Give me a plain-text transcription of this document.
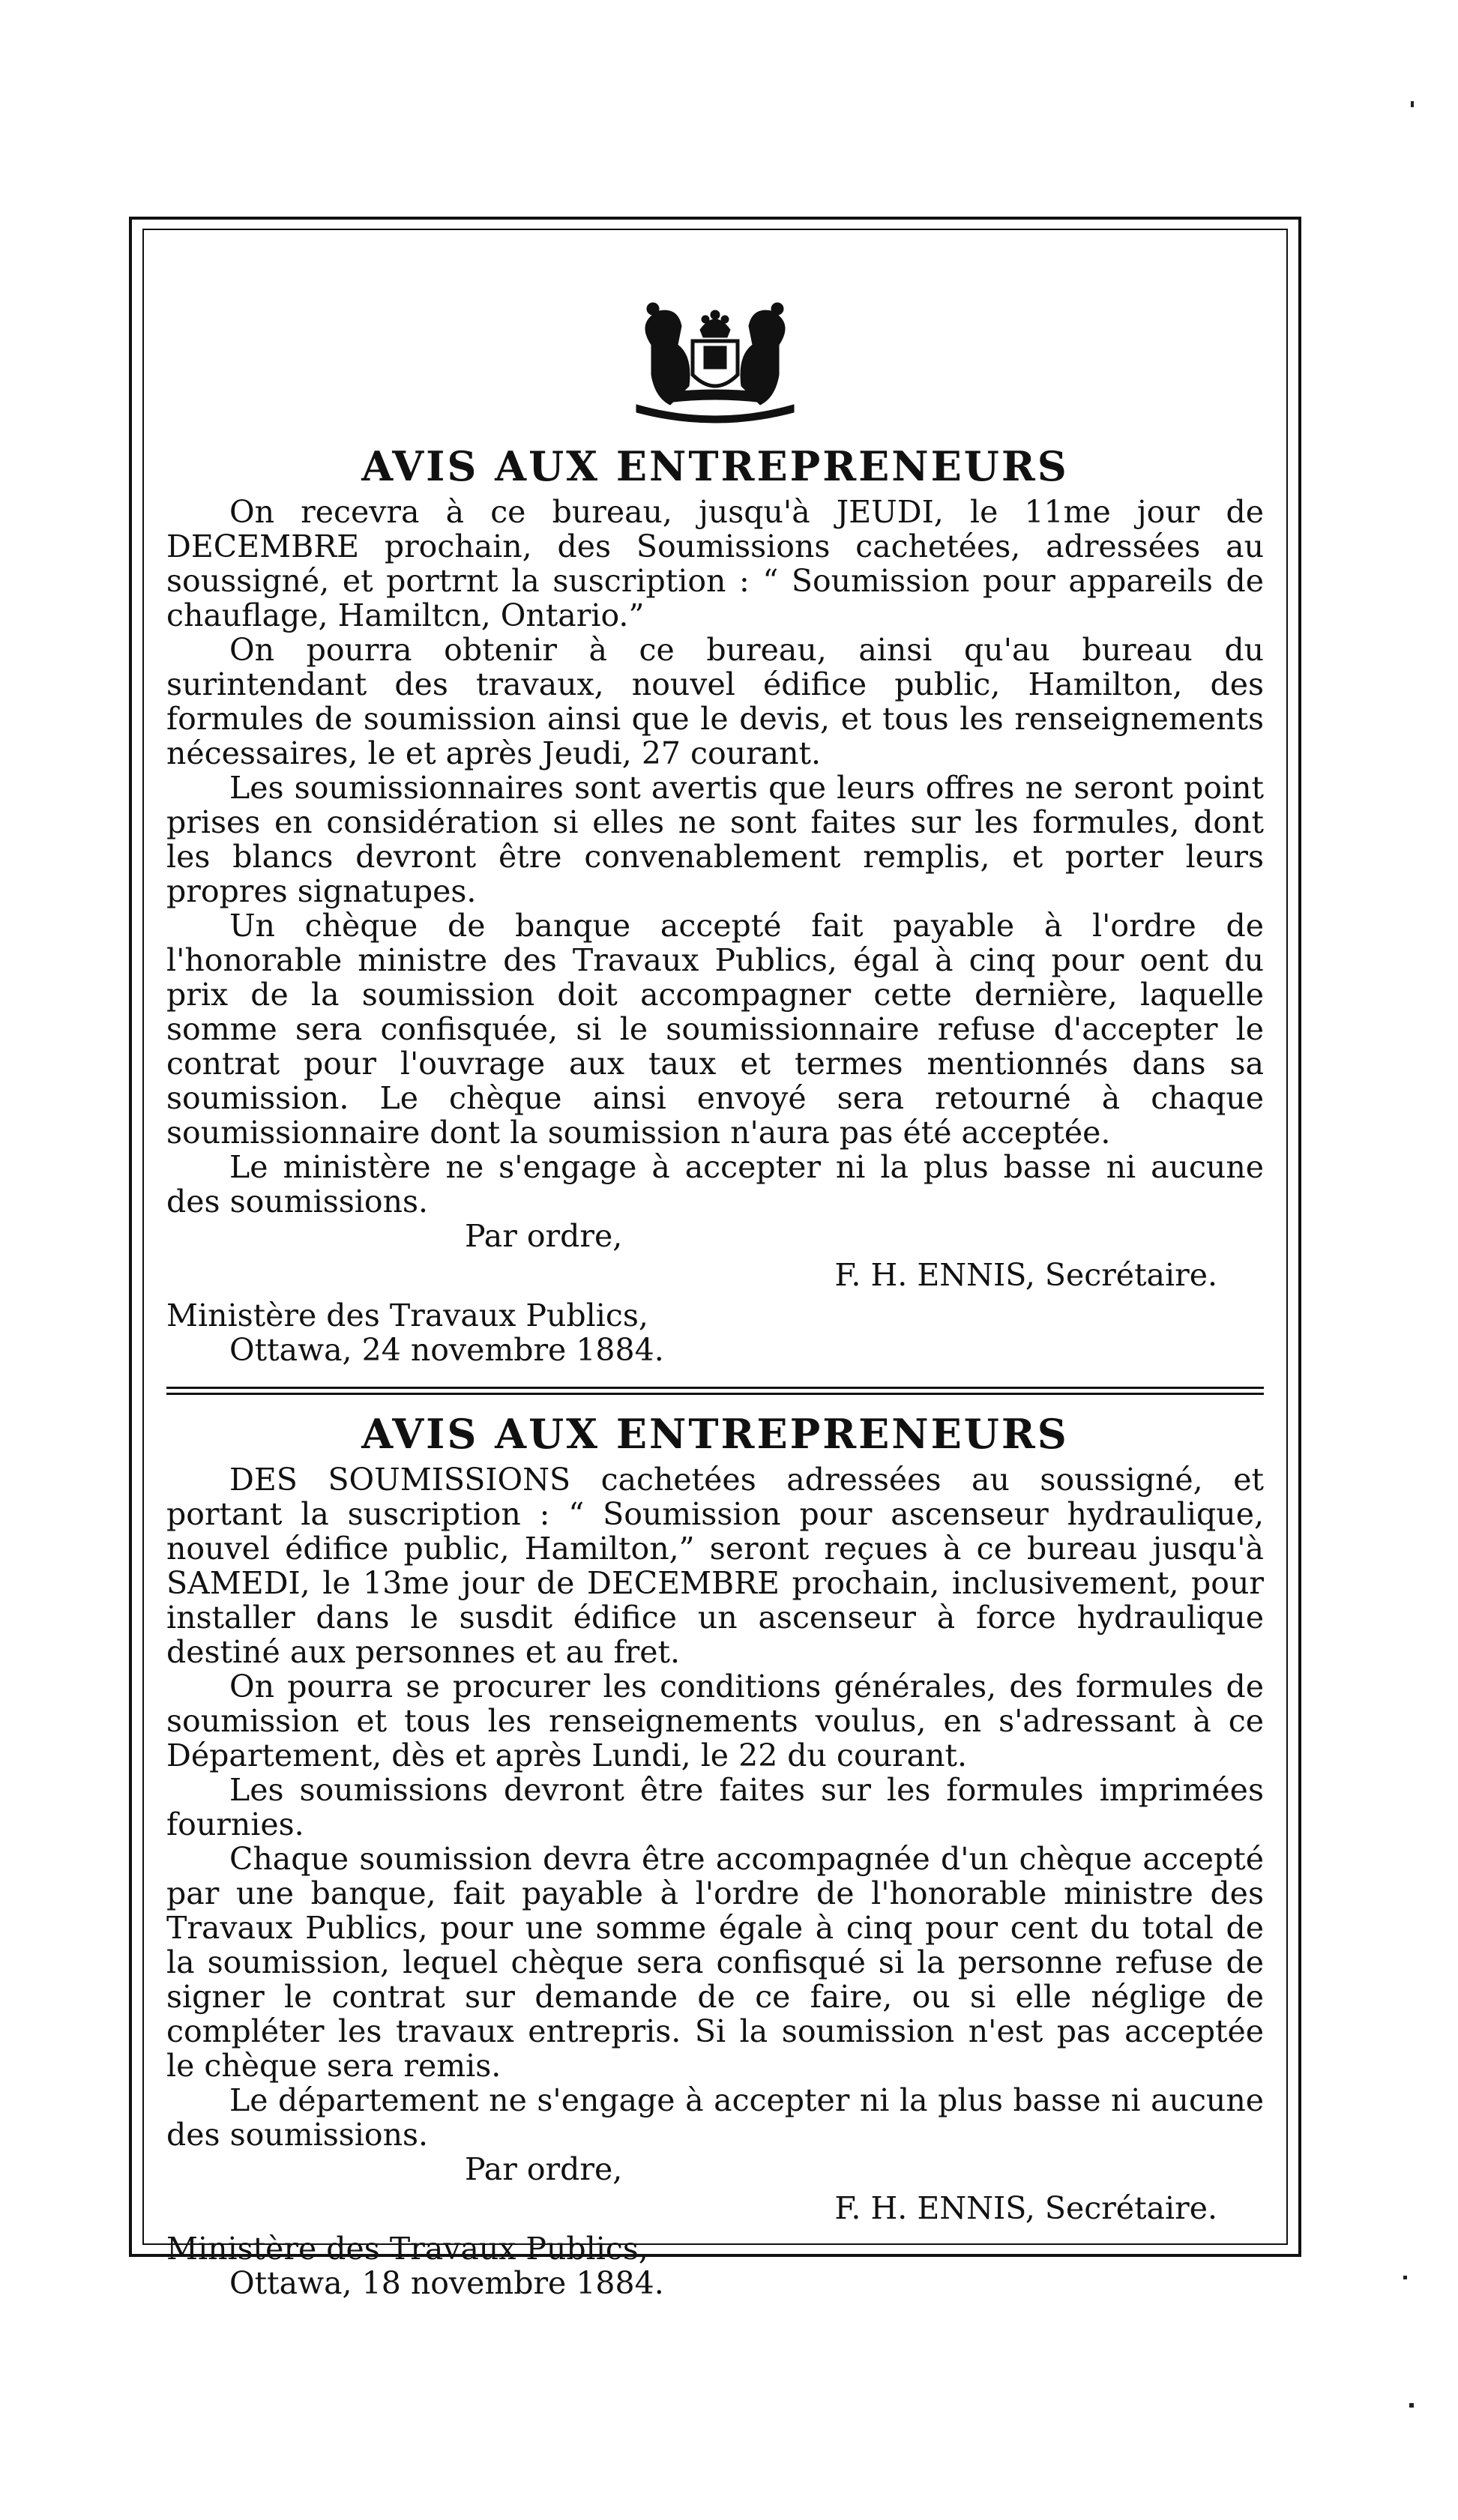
AVIS AUX ENTREPRENEURS

On recevra à ce bureau, jusqu'à JEUDI, le 11me jour de DECEMBRE prochain, des Soumissions cachetées, adressées au soussigné, et portrnt la suscription : “ Soumission pour appareils de chauflage, Hamiltcn, Ontario.”

On pourra obtenir à ce bureau, ainsi qu'au bureau du surintendant des travaux, nouvel édifice public, Hamilton, des formules de soumission ainsi que le devis, et tous les renseignements nécessaires, le et après Jeudi, 27 courant.

Les soumissionnaires sont avertis que leurs offres ne seront point prises en considération si elles ne sont faites sur les formules, dont les blancs devront être convenablement remplis, et porter leurs propres signatupes.

Un chèque de banque accepté fait payable à l'ordre de l'honorable ministre des Travaux Publics, égal à cinq pour oent du prix de la soumission doit accompagner cette dernière, laquelle somme sera confisquée, si le soumissionnaire refuse d'accepter le contrat pour l'ouvrage aux taux et termes mentionnés dans sa soumission. Le chèque ainsi envoyé sera retourné à chaque soumissionnaire dont la soumission n'aura pas été acceptée.

Le ministère ne s'engage à accepter ni la plus basse ni aucune des soumissions.

Par ordre,
F. H. ENNIS, Secrétaire.
Ministère des Travaux Publics,
Ottawa, 24 novembre 1884.
AVIS AUX ENTREPRENEURS

DES SOUMISSIONS cachetées adressées au soussigné, et portant la suscription : “ Soumission pour ascenseur hydraulique, nouvel édifice public, Hamilton,” seront reçues à ce bureau jusqu'à SAMEDI, le 13me jour de DECEMBRE prochain, inclusivement, pour installer dans le susdit édifice un ascenseur à force hydraulique destiné aux personnes et au fret.

On pourra se procurer les conditions générales, des formules de soumission et tous les renseignements voulus, en s'adressant à ce Département, dès et après Lundi, le 22 du courant.

Les soumissions devront être faites sur les formules imprimées fournies.

Chaque soumission devra être accompagnée d'un chèque accepté par une banque, fait payable à l'ordre de l'honorable ministre des Travaux Publics, pour une somme égale à cinq pour cent du total de la soumission, lequel chèque sera confisqué si la personne refuse de signer le contrat sur demande de ce faire, ou si elle néglige de compléter les travaux entrepris. Si la soumission n'est pas acceptée le chèque sera remis.

Le département ne s'engage à accepter ni la plus basse ni aucune des soumissions.

Par ordre,
F. H. ENNIS, Secrétaire.
Ministère des Travaux Publics,
Ottawa, 18 novembre 1884.
